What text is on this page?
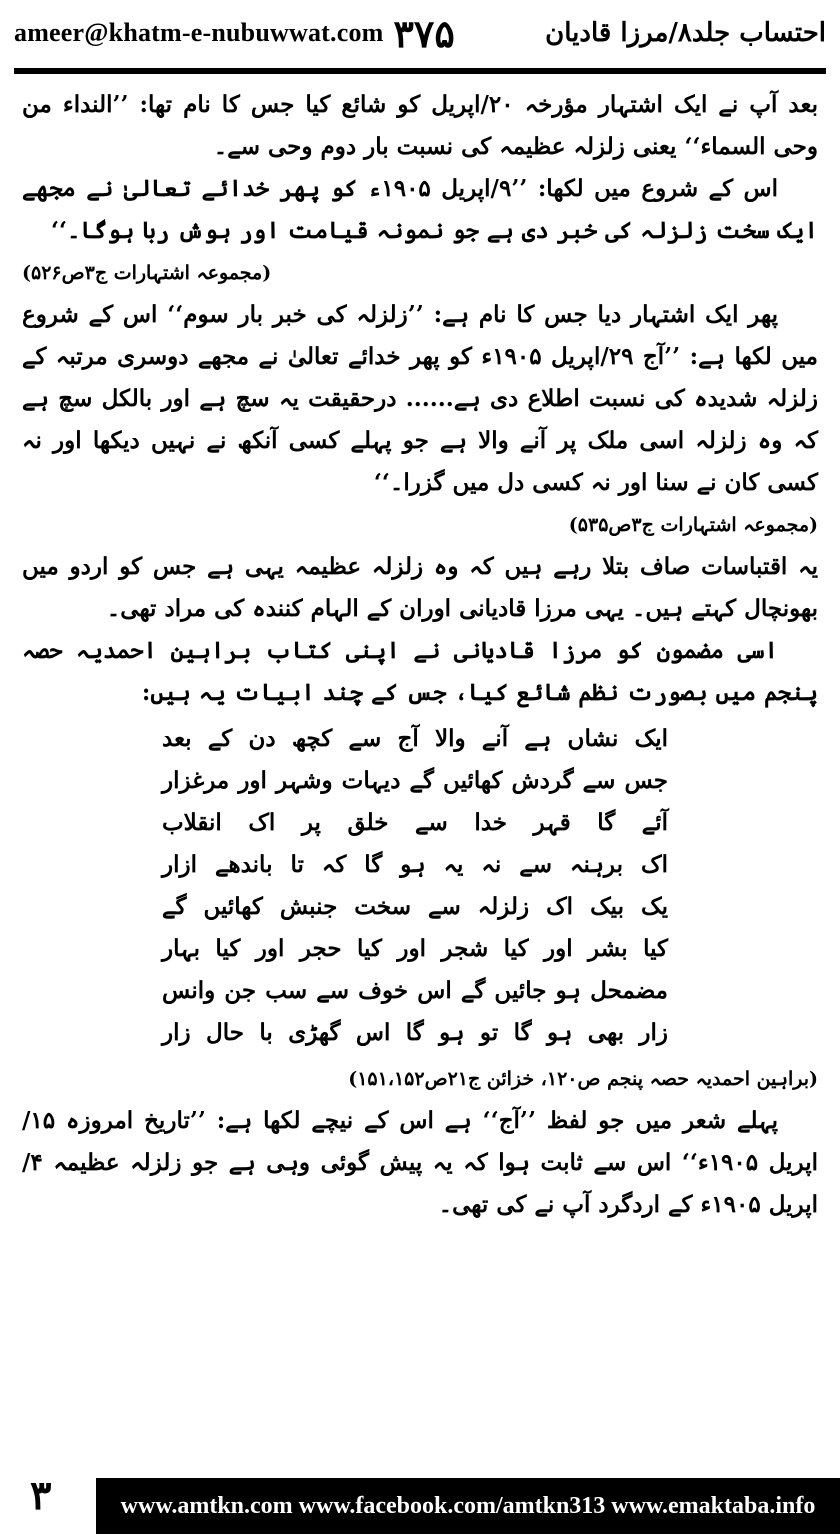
ameer@khatm-e-nubuwwat.com ۳۷۵	احتساب جلد۸/مرزا قادیان

بعد آپ نے ایک اشتہار مؤرخہ ۲۰/اپریل کو شائع کیا جس کا نام تھا: ’’النداء من وحی السماء‘‘ یعنی زلزلہ عظیمہ کی نسبت بار دوم وحی سے۔

اس کے شروع میں لکھا: ’’۹/اپریل ۱۹۰۵ء کو پھر خدائے تعالیٰ نے مجھے ایک سخت زلزلہ کی خبر دی ہے جو نمونہ قیامت اور ہوش ربا ہوگا۔‘‘

(مجموعہ اشتہارات ج۳ص۵۲۶)

پھر ایک اشتہار دیا جس کا نام ہے: ’’زلزلہ کی خبر بار سوم‘‘ اس کے شروع میں لکھا ہے: ’’آج ۲۹/اپریل ۱۹۰۵ء کو پھر خدائے تعالیٰ نے مجھے دوسری مرتبہ کے زلزلہ شدیدہ کی نسبت اطلاع دی ہے...... درحقیقت یہ سچ ہے اور بالکل سچ ہے کہ وہ زلزلہ اسی ملک پر آنے والا ہے جو پہلے کسی آنکھ نے نہیں دیکھا اور نہ کسی کان نے سنا اور نہ کسی دل میں گزرا۔‘‘

(مجموعہ اشتہارات ج۳ص۵۳۵)

یہ اقتباسات صاف بتلا رہے ہیں کہ وہ زلزلہ عظیمہ یہی ہے جس کو اردو میں بھونچال کہتے ہیں۔ یہی مرزا قادیانی اوران کے الہام کنندہ کی مراد تھی۔

اسی مضمون کو مرزا قادیانی نے اپنی کتاب براہین احمدیہ حصہ پنجم میں بصورت نظم شائع کیا، جس کے چند ابیات یہ ہیں:

ایک نشاں ہے آنے والا آج سے کچھ دن کے بعد
جس سے گردش کھائیں گے دیہات وشہر اور مرغزار
آئے گا قہر خدا سے خلق پر اک انقلاب
اک برہنہ سے نہ یہ ہو گا کہ تا باندھے ازار
یک بیک اک زلزلہ سے سخت جنبش کھائیں گے
کیا بشر اور کیا شجر اور کیا حجر اور کیا بہار
مضمحل ہو جائیں گے اس خوف سے سب جن وانس
زار بھی ہو گا تو ہو گا اس گھڑی با حال زار

(براہین احمدیہ حصہ پنجم ص۱۲۰، خزائن ج۲۱ص۱۵۱،۱۵۲)

پہلے شعر میں جو لفظ ’’آج‘‘ ہے اس کے نیچے لکھا ہے: ’’تاریخ امروزہ ۱۵/اپریل ۱۹۰۵ء‘‘ اس سے ثابت ہوا کہ یہ پیش گوئی وہی ہے جو زلزلہ عظیمہ ۴/اپریل ۱۹۰۵ء کے اردگرد آپ نے کی تھی۔

۳	www.amtkn.com www.facebook.com/amtkn313 www.emaktaba.info
